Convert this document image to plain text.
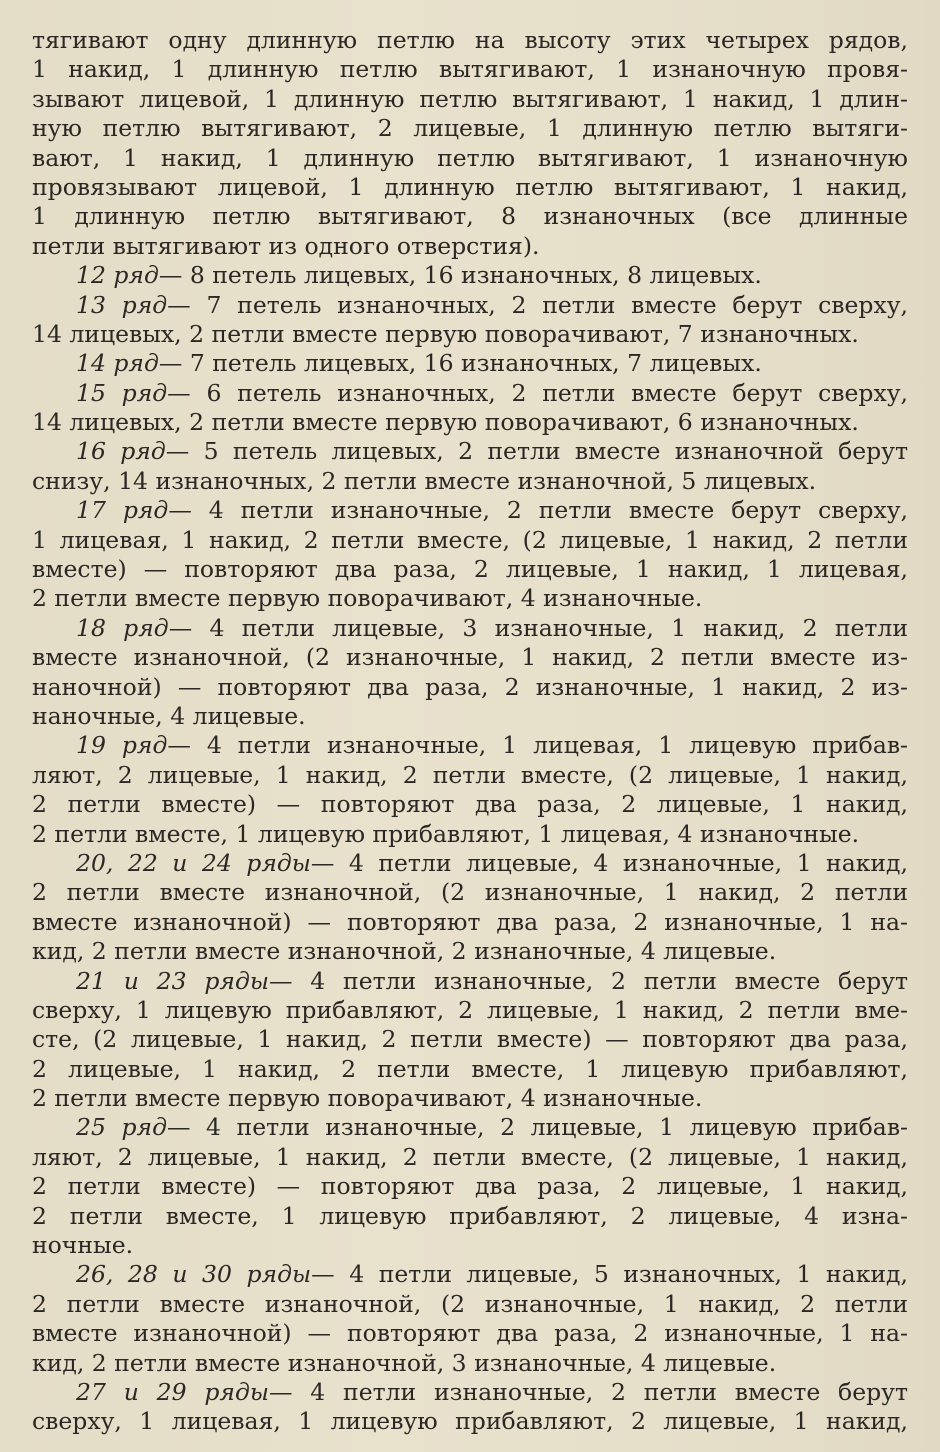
тягивают одну длинную петлю на высоту этих четырех рядов,
1 накид, 1 длинную петлю вытягивают, 1 изнаночную провя-
зывают лицевой, 1 длинную петлю вытягивают, 1 накид, 1 длин-
ную петлю вытягивают, 2 лицевые, 1 длинную петлю вытяги-
вают, 1 накид, 1 длинную петлю вытягивают, 1 изнаночную
провязывают лицевой, 1 длинную петлю вытягивают, 1 накид,
1 длинную петлю вытягивают, 8 изнаночных (все длинные
петли вытягивают из одного отверстия).
12 ряд— 8 петель лицевых, 16 изнаночных, 8 лицевых.
13 ряд— 7 петель изнаночных, 2 петли вместе берут сверху,
14 лицевых, 2 петли вместе первую поворачивают, 7 изнаночных.
14 ряд— 7 петель лицевых, 16 изнаночных, 7 лицевых.
15 ряд— 6 петель изнаночных, 2 петли вместе берут сверху,
14 лицевых, 2 петли вместе первую поворачивают, 6 изнаночных.
16 ряд— 5 петель лицевых, 2 петли вместе изнаночной берут
снизу, 14 изнаночных, 2 петли вместе изнаночной, 5 лицевых.
17 ряд— 4 петли изнаночные, 2 петли вместе берут сверху,
1 лицевая, 1 накид, 2 петли вместе, (2 лицевые, 1 накид, 2 петли
вместе) — повторяют два раза, 2 лицевые, 1 накид, 1 лицевая,
2 петли вместе первую поворачивают, 4 изнаночные.
18 ряд— 4 петли лицевые, 3 изнаночные, 1 накид, 2 петли
вместе изнаночной, (2 изнаночные, 1 накид, 2 петли вместе из-
наночной) — повторяют два раза, 2 изнаночные, 1 накид, 2 из-
наночные, 4 лицевые.
19 ряд— 4 петли изнаночные, 1 лицевая, 1 лицевую прибав-
ляют, 2 лицевые, 1 накид, 2 петли вместе, (2 лицевые, 1 накид,
2 петли вместе) — повторяют два раза, 2 лицевые, 1 накид,
2 петли вместе, 1 лицевую прибавляют, 1 лицевая, 4 изнаночные.
20, 22 и 24 ряды— 4 петли лицевые, 4 изнаночные, 1 накид,
2 петли вместе изнаночной, (2 изнаночные, 1 накид, 2 петли
вместе изнаночной) — повторяют два раза, 2 изнаночные, 1 на-
кид, 2 петли вместе изнаночной, 2 изнаночные, 4 лицевые.
21 и 23 ряды— 4 петли изнаночные, 2 петли вместе берут
сверху, 1 лицевую прибавляют, 2 лицевые, 1 накид, 2 петли вме-
сте, (2 лицевые, 1 накид, 2 петли вместе) — повторяют два раза,
2 лицевые, 1 накид, 2 петли вместе, 1 лицевую прибавляют,
2 петли вместе первую поворачивают, 4 изнаночные.
25 ряд— 4 петли изнаночные, 2 лицевые, 1 лицевую прибав-
ляют, 2 лицевые, 1 накид, 2 петли вместе, (2 лицевые, 1 накид,
2 петли вместе) — повторяют два раза, 2 лицевые, 1 накид,
2 петли вместе, 1 лицевую прибавляют, 2 лицевые, 4 изна-
ночные.
26, 28 и 30 ряды— 4 петли лицевые, 5 изнаночных, 1 накид,
2 петли вместе изнаночной, (2 изнаночные, 1 накид, 2 петли
вместе изнаночной) — повторяют два раза, 2 изнаночные, 1 на-
кид, 2 петли вместе изнаночной, 3 изнаночные, 4 лицевые.
27 и 29 ряды— 4 петли изнаночные, 2 петли вместе берут
сверху, 1 лицевая, 1 лицевую прибавляют, 2 лицевые, 1 накид,
